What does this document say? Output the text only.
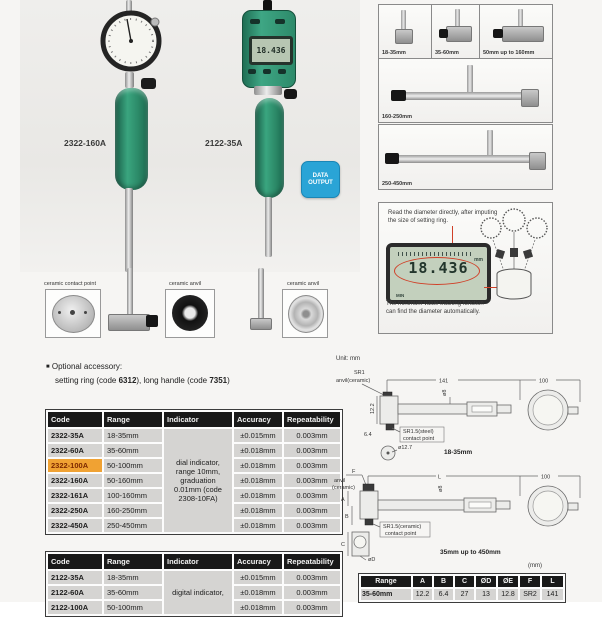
2322-160A
18.436
2122-35A
DATA OUTPUT
ceramic contact point	ceramic anvil	ceramic anvil
■ Optional accessory:
setting ring (code 6312), long handle (code 7351)
Code	Range	Indicator	Accuracy	Repeatability
2322-35A	18-35mm	dial indicator, range 10mm, graduation 0.01mm (code 2308-10FA)	±0.015mm	0.003mm
2322-60A	35-60mm		±0.018mm	0.003mm
2322-100A	50-100mm		±0.018mm	0.003mm
2322-160A	50-160mm		±0.018mm	0.003mm
2322-161A	100-160mm		±0.018mm	0.003mm
2322-250A	160-250mm		±0.018mm	0.003mm
2322-450A	250-450mm		±0.018mm	0.003mm
Code	Range	Indicator	Accuracy	Repeatability
2122-35A	18-35mm	digital indicator,	±0.015mm	0.003mm
2122-60A	35-60mm		±0.018mm	0.003mm
2122-100A	50-100mm		±0.018mm	0.003mm
18-35mm	35-60mm	50mm up to 160mm
160-250mm
250-450mm
Read the diameter directly, after imputing
the size of setting ring.
mm
18.436
MIN
The minimum value tracking function
can find the diameter automatically.
Unit: mm
SR1
anvil(ceramic)	141	100
ø8
12.2
6.4	SR1.5(steel)
contact point
ø12.7
18-35mm
F
anvil
(ceramic)
L	100
ø8
A
B
SR1.5(ceramic)
contact point
C
øD
35mm up to 450mm
(mm)
Range	A	B	C	ØD	ØE	F	L
35-60mm	12.2	6.4	27	13	12.8	SR2	141
